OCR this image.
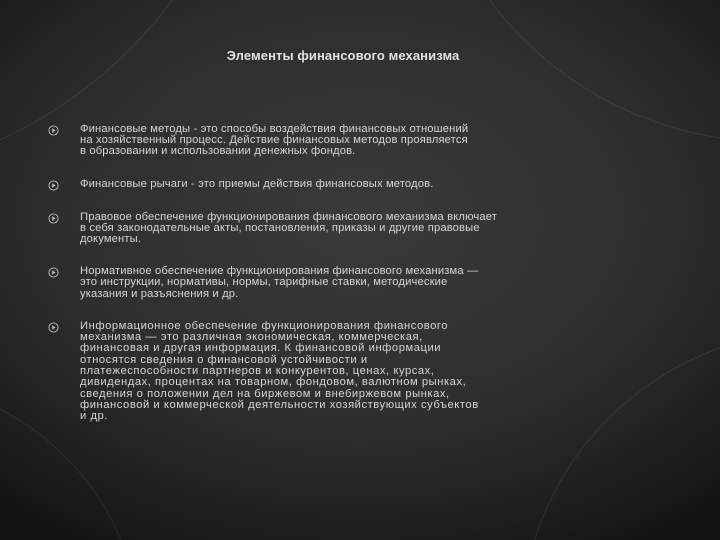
Элементы финансового механизма
Финансовые методы - это способы воздействия финансовых отношений
на хозяйственный процесс. Действие финансовых методов проявляется
в образовании и использовании денежных фондов.
Финансовые рычаги - это приемы действия финансовых методов.
Правовое обеспечение функционирования финансового механизма включает
в себя законодательные акты, постановления, приказы и другие правовые
документы.
Нормативное обеспечение функционирования финансового механизма —
это инструкции, нормативы, нормы, тарифные ставки, методические
указания и разъяснения и др.
Информационное обеспечение функционирования финансового
механизма — это различная экономическая, коммерческая,
финансовая и другая информация. К финансовой информации
относятся сведения о финансовой устойчивости и
платежеспособности партнеров и конкурентов, ценах, курсах,
дивидендах, процентах на товарном, фондовом, валютном рынках,
сведения о положении дел на биржевом и внебиржевом рынках,
финансовой и коммерческой деятельности хозяйствующих субъектов
и др.
